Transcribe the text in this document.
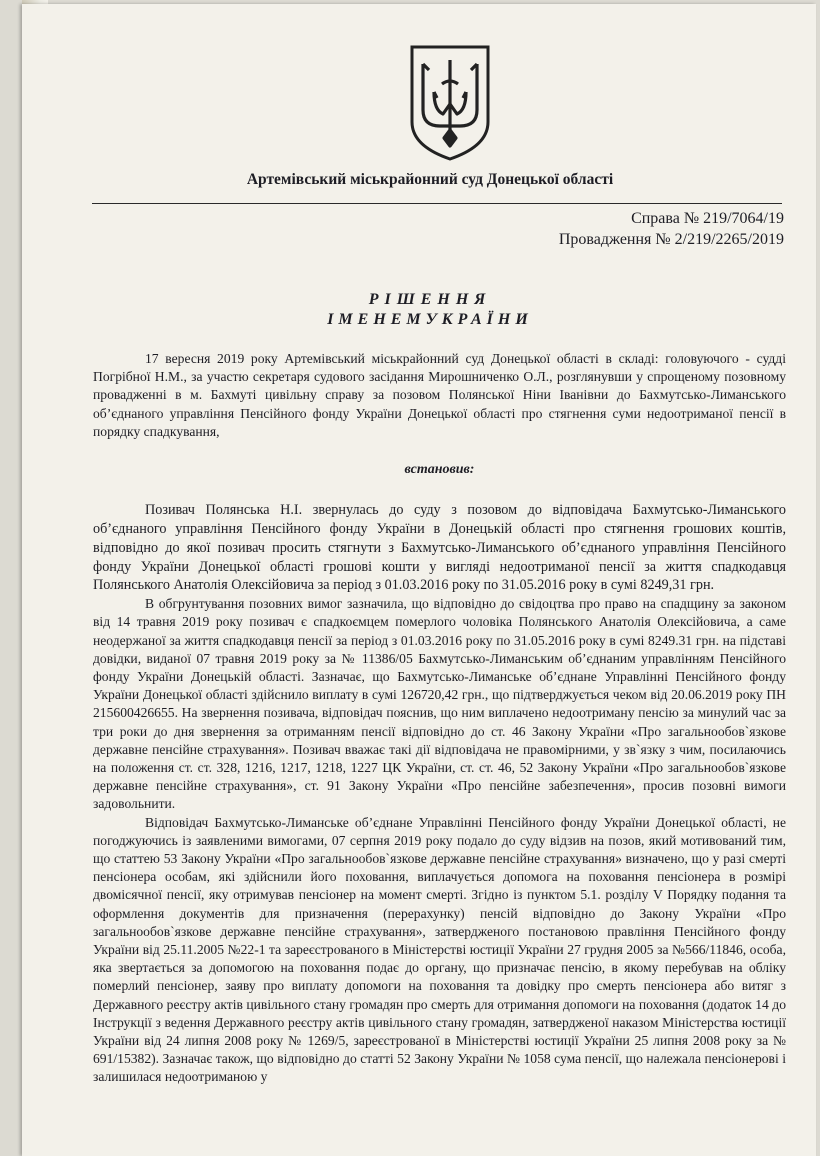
Артемівський міськрайонний суд Донецької області
Справа № 219/7064/19
Провадження № 2/219/2265/2019
РІШЕННЯ
ІМЕНЕМУКРАЇНИ

17 вересня 2019 року Артемівський міськрайонний суд Донецької області в складі: головуючого - судді Погрібної Н.М., за участю секретаря судового засідання Мирошниченко О.Л., розглянувши у спрощеному позовному провадженні в м. Бахмуті цивільну справу за позовом Полянської Ніни Іванівни до Бахмутсько-Лиманського об’єднаного управління Пенсійного фонду України Донецької області про стягнення суми недоотриманої пенсії в порядку спадкування,

встановив:

Позивач Полянська Н.І. звернулась до суду з позовом до відповідача Бахмутсько-Лиманського об’єднаного управління Пенсійного фонду України в Донецькій області про стягнення грошових коштів, відповідно до якої позивач просить стягнути з Бахмутсько-Лиманського об’єднаного управління Пенсійного фонду України Донецької області грошові кошти у вигляді недоотриманої пенсії за життя спадкодавця Полянського Анатолія Олексійовича за період з 01.03.2016 року по 31.05.2016 року в сумі 8249,31 грн.

В обгрунтування позовних вимог зазначила, що відповідно до свідоцтва про право на спадщину за законом від 14 травня 2019 року позивач є спадкоємцем померлого чоловіка Полянського Анатолія Олексійовича, а саме неодержаної за життя спадкодавця пенсії за період з 01.03.2016 року по 31.05.2016 року в сумі 8249.31 грн. на підставі довідки, виданої 07 травня 2019 року за № 11386/05 Бахмутсько-Лиманським об’єднаним управлінням Пенсійного фонду України Донецькій області. Зазначає, що Бахмутсько-Лиманське об’єднане Управлінні Пенсійного фонду України Донецької області здійснило виплату в сумі 126720,42 грн., що підтверджується чеком від 20.06.2019 року ПН 215600426655. На звернення позивача, відповідач пояснив, що ним виплачено недоотриману пенсію за минулий час за три роки до дня звернення за отриманням пенсії відповідно до ст. 46 Закону України «Про загальнообов`язкове державне пенсійне страхування». Позивач вважає такі дії відповідача не правомірними, у зв`язку з чим, посилаючись на положення ст. ст. 328, 1216, 1217, 1218, 1227 ЦК України, ст. ст. 46, 52 Закону України «Про загальнообов`язкове державне пенсійне страхування», ст. 91 Закону України «Про пенсійне забезпечення», просив позовні вимоги задовольнити.

Відповідач Бахмутсько-Лиманське об’єднане Управлінні Пенсійного фонду України Донецької області, не погоджуючись із заявленими вимогами, 07 серпня 2019 року подало до суду відзив на позов, який мотивований тим, що статтею 53 Закону України «Про загальнообов`язкове державне пенсійне страхування» визначено, що у разі смерті пенсіонера особам, які здійснили його поховання, виплачується допомога на поховання пенсіонера в розмірі двомісячної пенсії, яку отримував пенсіонер на момент смерті. Згідно із пунктом 5.1. розділу V Порядку подання та оформлення документів для призначення (перерахунку) пенсій відповідно до Закону України «Про загальнообов`язкове державне пенсійне страхування», затвердженого постановою правління Пенсійного фонду України від 25.11.2005 №22-1 та зареєстрованого в Міністерстві юстиції України 27 грудня 2005 за №566/11846, особа, яка звертається за допомогою на поховання подає до органу, що призначає пенсію, в якому перебував на обліку померлий пенсіонер, заяву про виплату допомоги на поховання та довідку про смерть пенсіонера або витяг з Державного реєстру актів цивільного стану громадян про смерть для отримання допомоги на поховання (додаток 14 до Інструкції з ведення Державного реєстру актів цивільного стану громадян, затвердженої наказом Міністерства юстиції України від 24 липня 2008 року № 1269/5, зареєстрованої в Міністерстві юстиції України 25 липня 2008 року за № 691/15382). Зазначає також, що відповідно до статті 52 Закону України № 1058 сума пенсії, що належала пенсіонерові і залишилася недоотриманою у
